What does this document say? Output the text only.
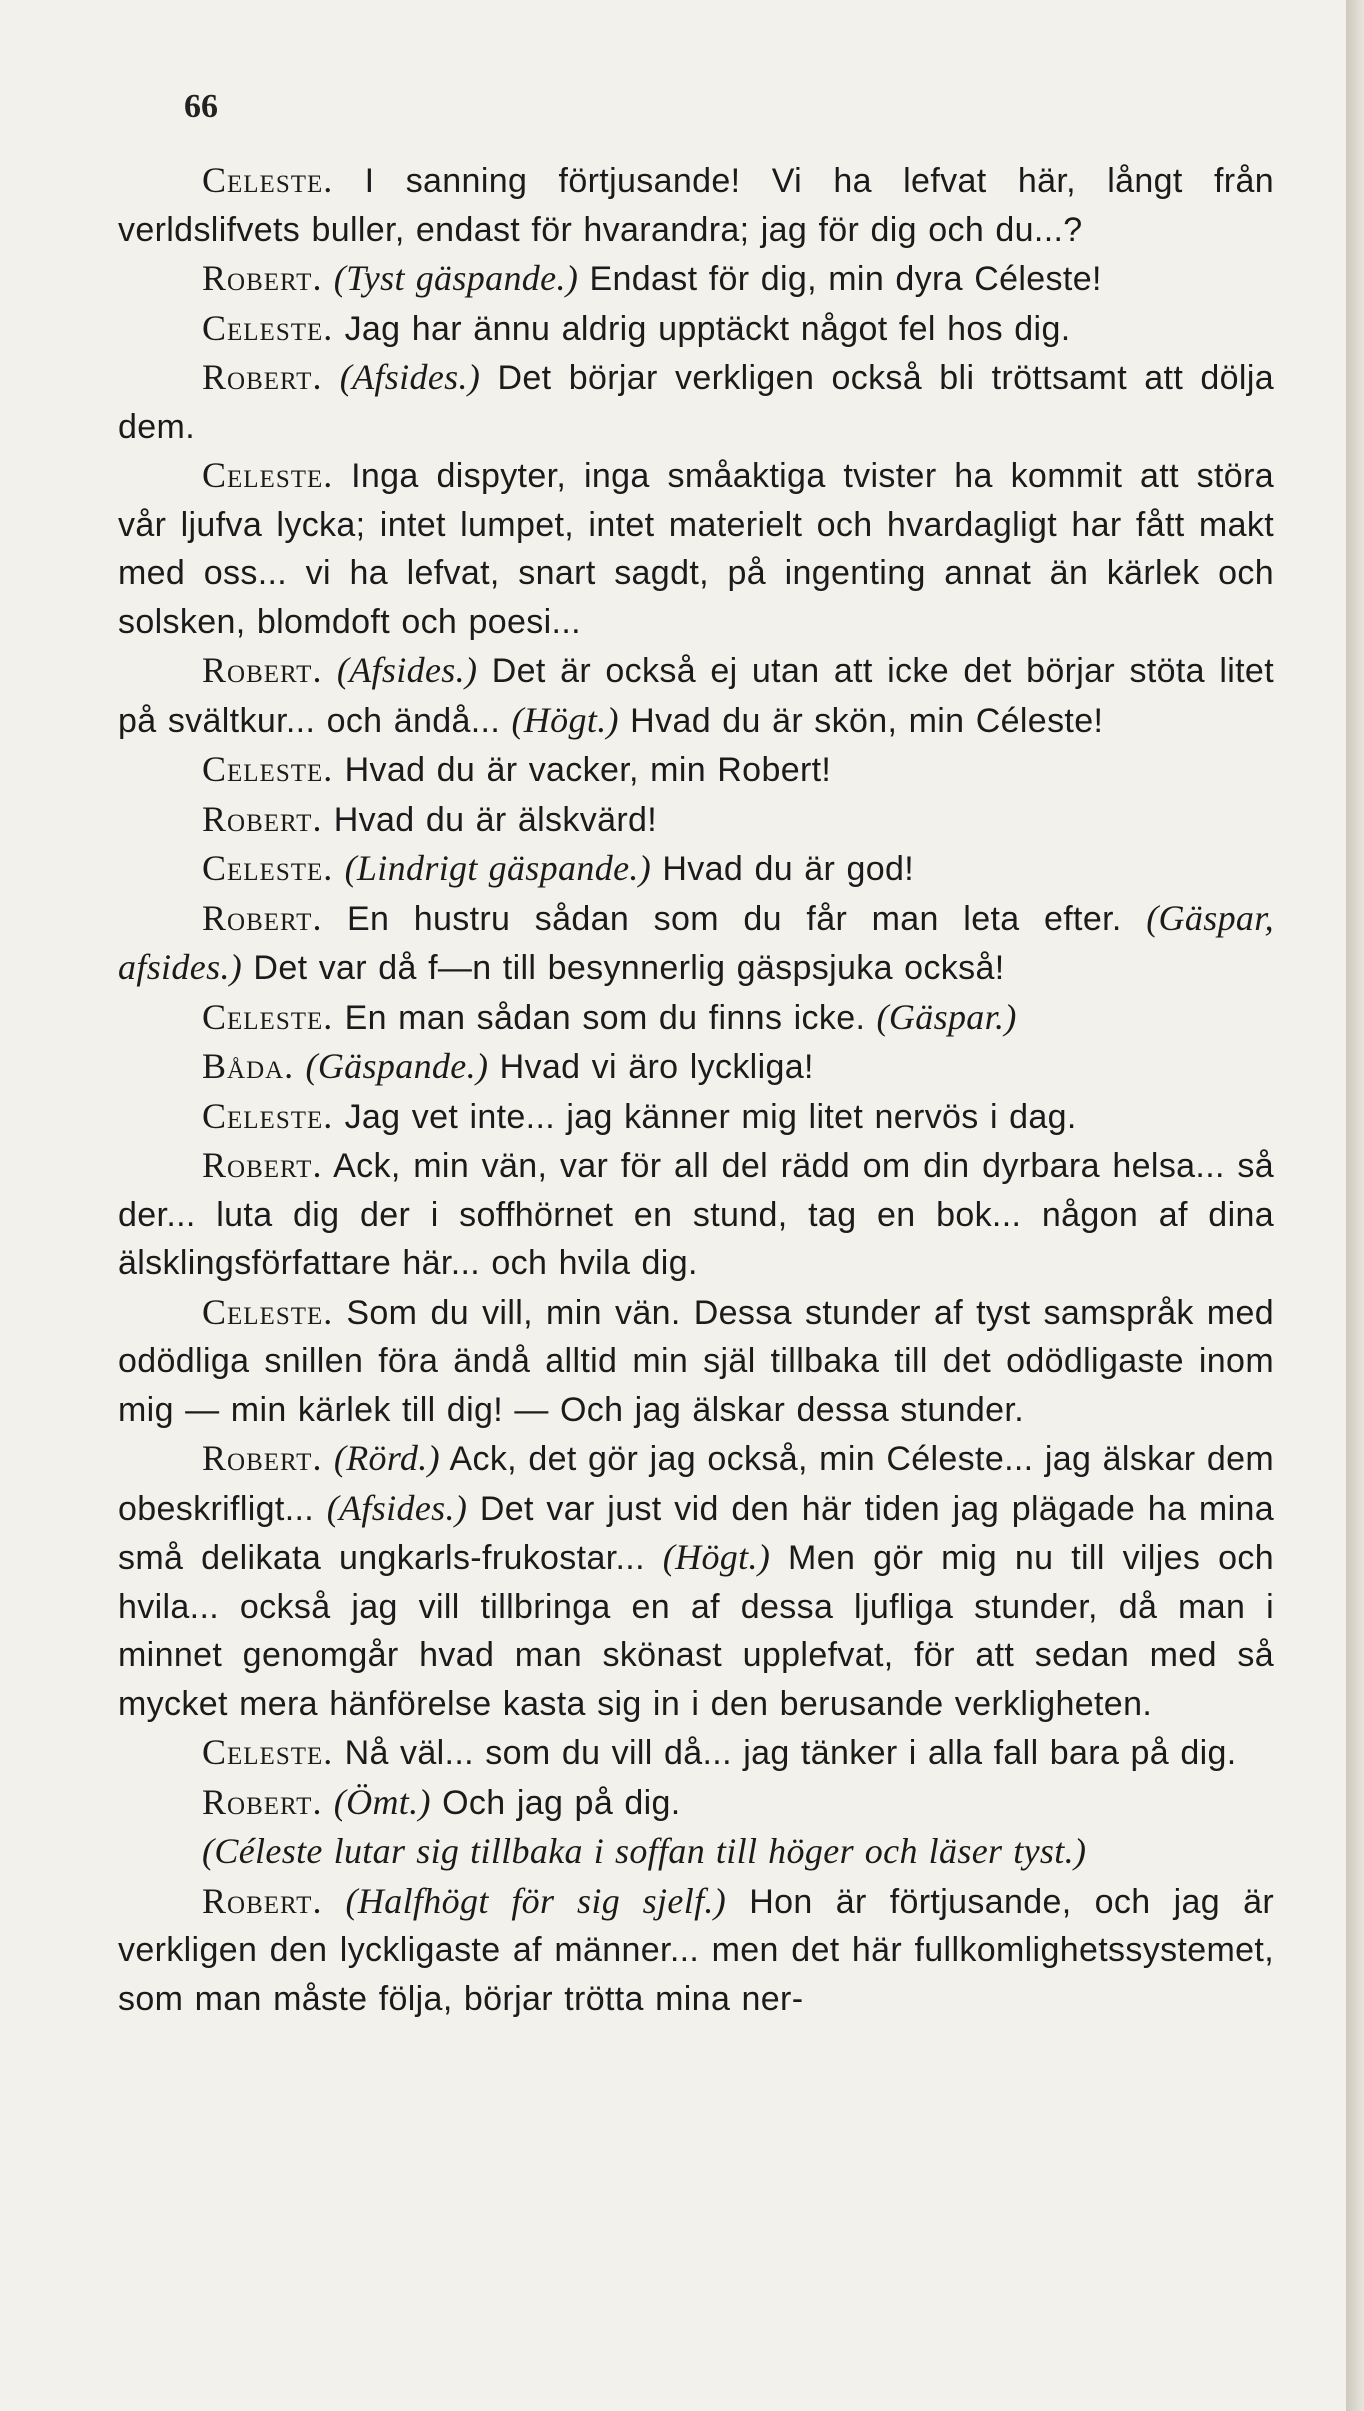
66

Celeste. I sanning förtjusande! Vi ha lefvat här, långt från verldslifvets buller, endast för hvarandra; jag för dig och du...?

Robert. (Tyst gäspande.) Endast för dig, min dyra Céleste!

Celeste. Jag har ännu aldrig upptäckt något fel hos dig.

Robert. (Afsides.) Det börjar verkligen också bli tröttsamt att dölja dem.

Celeste. Inga dispyter, inga småaktiga tvister ha kommit att störa vår ljufva lycka; intet lumpet, intet materielt och hvardagligt har fått makt med oss... vi ha lefvat, snart sagdt, på ingenting annat än kärlek och solsken, blomdoft och poesi...

Robert. (Afsides.) Det är också ej utan att icke det börjar stöta litet på svältkur... och ändå... (Högt.) Hvad du är skön, min Céleste!

Celeste. Hvad du är vacker, min Robert!

Robert. Hvad du är älskvärd!

Celeste. (Lindrigt gäspande.) Hvad du är god!

Robert. En hustru sådan som du får man leta efter. (Gäspar, afsides.) Det var då f—n till besynnerlig gäspsjuka också!

Celeste. En man sådan som du finns icke. (Gäspar.)

Båda. (Gäspande.) Hvad vi äro lyckliga!

Celeste. Jag vet inte... jag känner mig litet nervös i dag.

Robert. Ack, min vän, var för all del rädd om din dyrbara helsa... så der... luta dig der i soffhörnet en stund, tag en bok... någon af dina älsklingsförfattare här... och hvila dig.

Celeste. Som du vill, min vän. Dessa stunder af tyst samspråk med odödliga snillen föra ändå alltid min själ tillbaka till det odödligaste inom mig — min kärlek till dig! — Och jag älskar dessa stunder.

Robert. (Rörd.) Ack, det gör jag också, min Céleste... jag älskar dem obeskrifligt... (Afsides.) Det var just vid den här tiden jag plägade ha mina små delikata ungkarls-frukostar... (Högt.) Men gör mig nu till viljes och hvila... också jag vill tillbringa en af dessa ljufliga stunder, då man i minnet genomgår hvad man skönast upplefvat, för att sedan med så mycket mera hänförelse kasta sig in i den berusande verkligheten.

Celeste. Nå väl... som du vill då... jag tänker i alla fall bara på dig.

Robert. (Ömt.) Och jag på dig.

(Céleste lutar sig tillbaka i soffan till höger och läser tyst.)

Robert. (Halfhögt för sig sjelf.) Hon är förtjusande, och jag är verkligen den lyckligaste af männer... men det här fullkomlighetssystemet, som man måste följa, börjar trötta mina ner-
